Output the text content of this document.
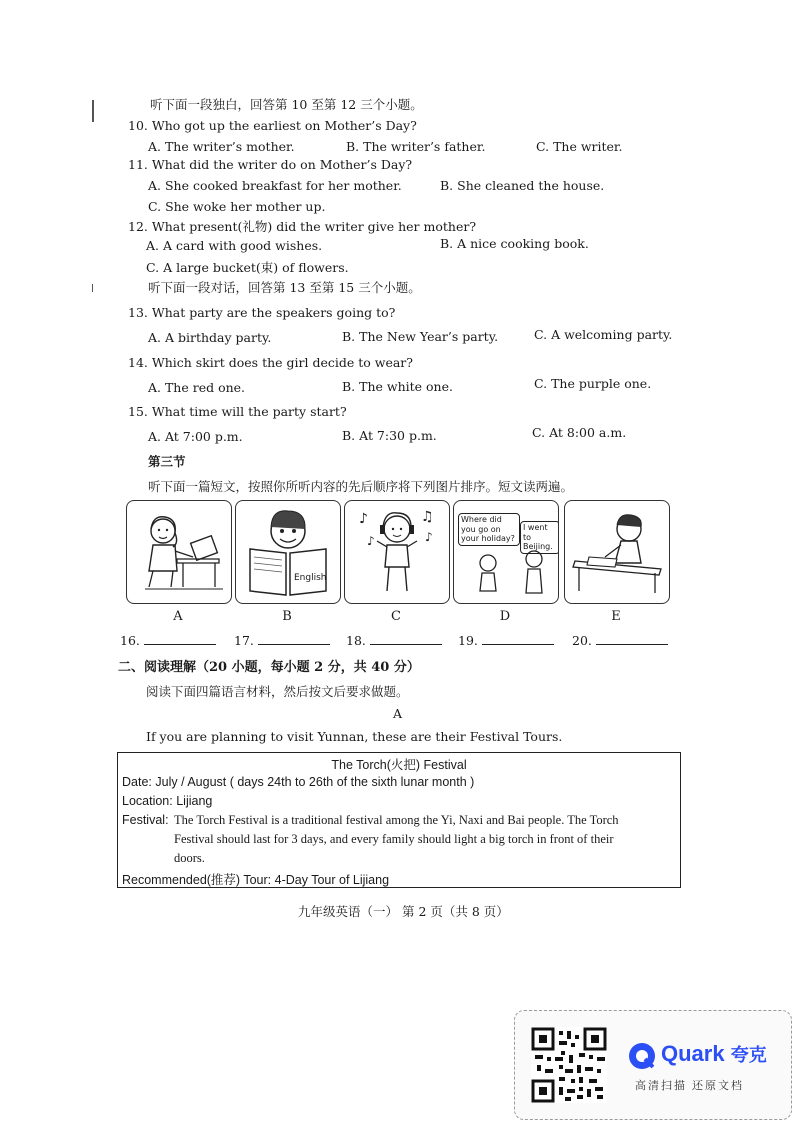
听下面一段独白，回答第 10 至第 12 三个小题。
10. Who got up the earliest on Mother’s Day?
A. The writer’s mother.	B. The writer’s father.	C. The writer.
11. What did the writer do on Mother’s Day?
A. She cooked breakfast for her mother.	B. She cleaned the house.
C. She woke her mother up.
12. What present(礼物) did the writer give her mother?
A. A card with good wishes.	B. A nice cooking book.
C. A large bucket(束) of flowers.
听下面一段对话，回答第 13 至第 15 三个小题。
13. What party are the speakers going to?
A. A birthday party.	B. The New Year’s party.	C. A welcoming party.
14. Which skirt does the girl decide to wear?
A. The red one.	B. The white one.	C. The purple one.
15. What time will the party start?
A. At 7:00 p.m.	B. At 7:30 p.m.	C. At 8:00 a.m.
第三节
听下面一篇短文，按照你所听内容的先后顺序将下列图片排序。短文读两遍。
A
English
B
♪	♫
♪	♪
C
Where did you go on your holiday?
I went to Beijing.
D	E
16.	17.	18.	19.	20.
二、阅读理解（20 小题，每小题 2 分，共 40 分）
阅读下面四篇语言材料，然后按文后要求做题。
A
If you are planning to visit Yunnan, these are their Festival Tours.
The Torch(火把) Festival
Date: July / August ( days 24th to 26th of the sixth lunar month )
Location: Lijiang
Festival: The Torch Festival is a traditional festival among the Yi, Naxi and Bai people. The Torch
Festival should last for 3 days, and every family should light a big torch in front of their
doors.
Recommended(推荐) Tour: 4-Day Tour of Lijiang
九年级英语（一） 第 2 页（共 8 页）
Quark 夸克
高清扫描 还原文档
